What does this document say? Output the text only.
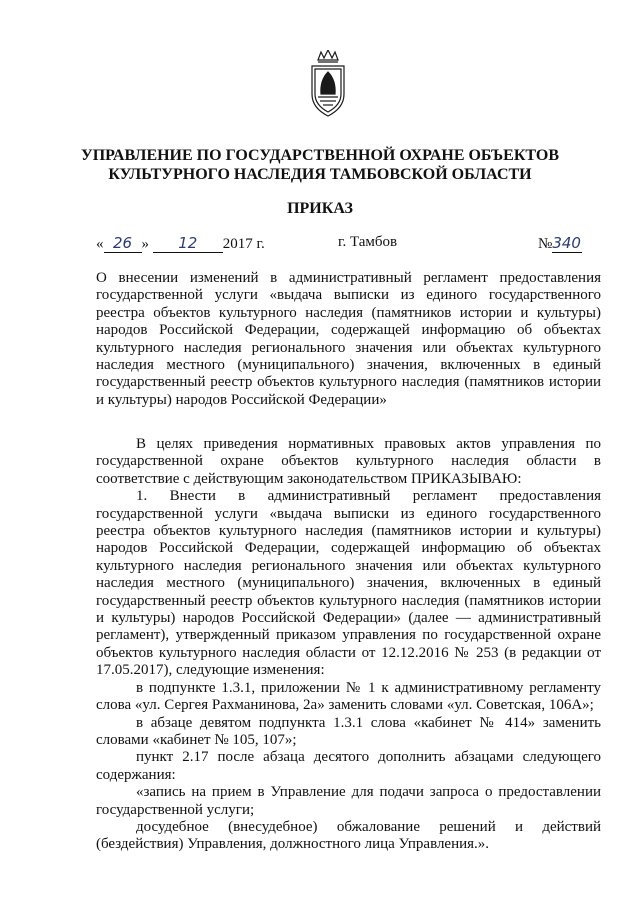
УПРАВЛЕНИЕ ПО ГОСУДАРСТВЕННОЙ ОХРАНЕ ОБЪЕКТОВ
КУЛЬТУРНОГО НАСЛЕДИЯ ТАМБОВСКОЙ ОБЛАСТИ
ПРИКАЗ
« 26 » 12 2017 г.	г. Тамбов	№340
О внесении изменений в административный регламент предоставления государственной услуги «выдача выписки из единого государственного реестра объектов культурного наследия (памятников истории и культуры) народов Российской Федерации, содержащей информацию об объектах культурного наследия регионального значения или объектах культурного наследия местного (муниципального) значения, включенных в единый государственный реестр объектов культурного наследия (памятников истории и культуры) народов Российской Федерации»

В целях приведения нормативных правовых актов управления по государственной охране объектов культурного наследия области в соответствие с действующим законодательством ПРИКАЗЫВАЮ:

1. Внести в административный регламент предоставления государственной услуги «выдача выписки из единого государственного реестра объектов культурного наследия (памятников истории и культуры) народов Российской Федерации, содержащей информацию об объектах культурного наследия регионального значения или объектах культурного наследия местного (муниципального) значения, включенных в единый государственный реестр объектов культурного наследия (памятников истории и культуры) народов Российской Федерации» (далее — административный регламент), утвержденный приказом управления по государственной охране объектов культурного наследия области от 12.12.2016 № 253 (в редакции от 17.05.2017), следующие изменения:

в подпункте 1.3.1, приложении № 1 к административному регламенту слова «ул. Сергея Рахманинова, 2а» заменить словами «ул. Советская, 106А»;

в абзаце девятом подпункта 1.3.1 слова «кабинет № 414» заменить словами «кабинет № 105, 107»;

пункт 2.17 после абзаца десятого дополнить абзацами следующего содержания:

«запись на прием в Управление для подачи запроса о предоставлении государственной услуги;

досудебное (внесудебное) обжалование решений и действий (бездействия) Управления, должностного лица Управления.».
